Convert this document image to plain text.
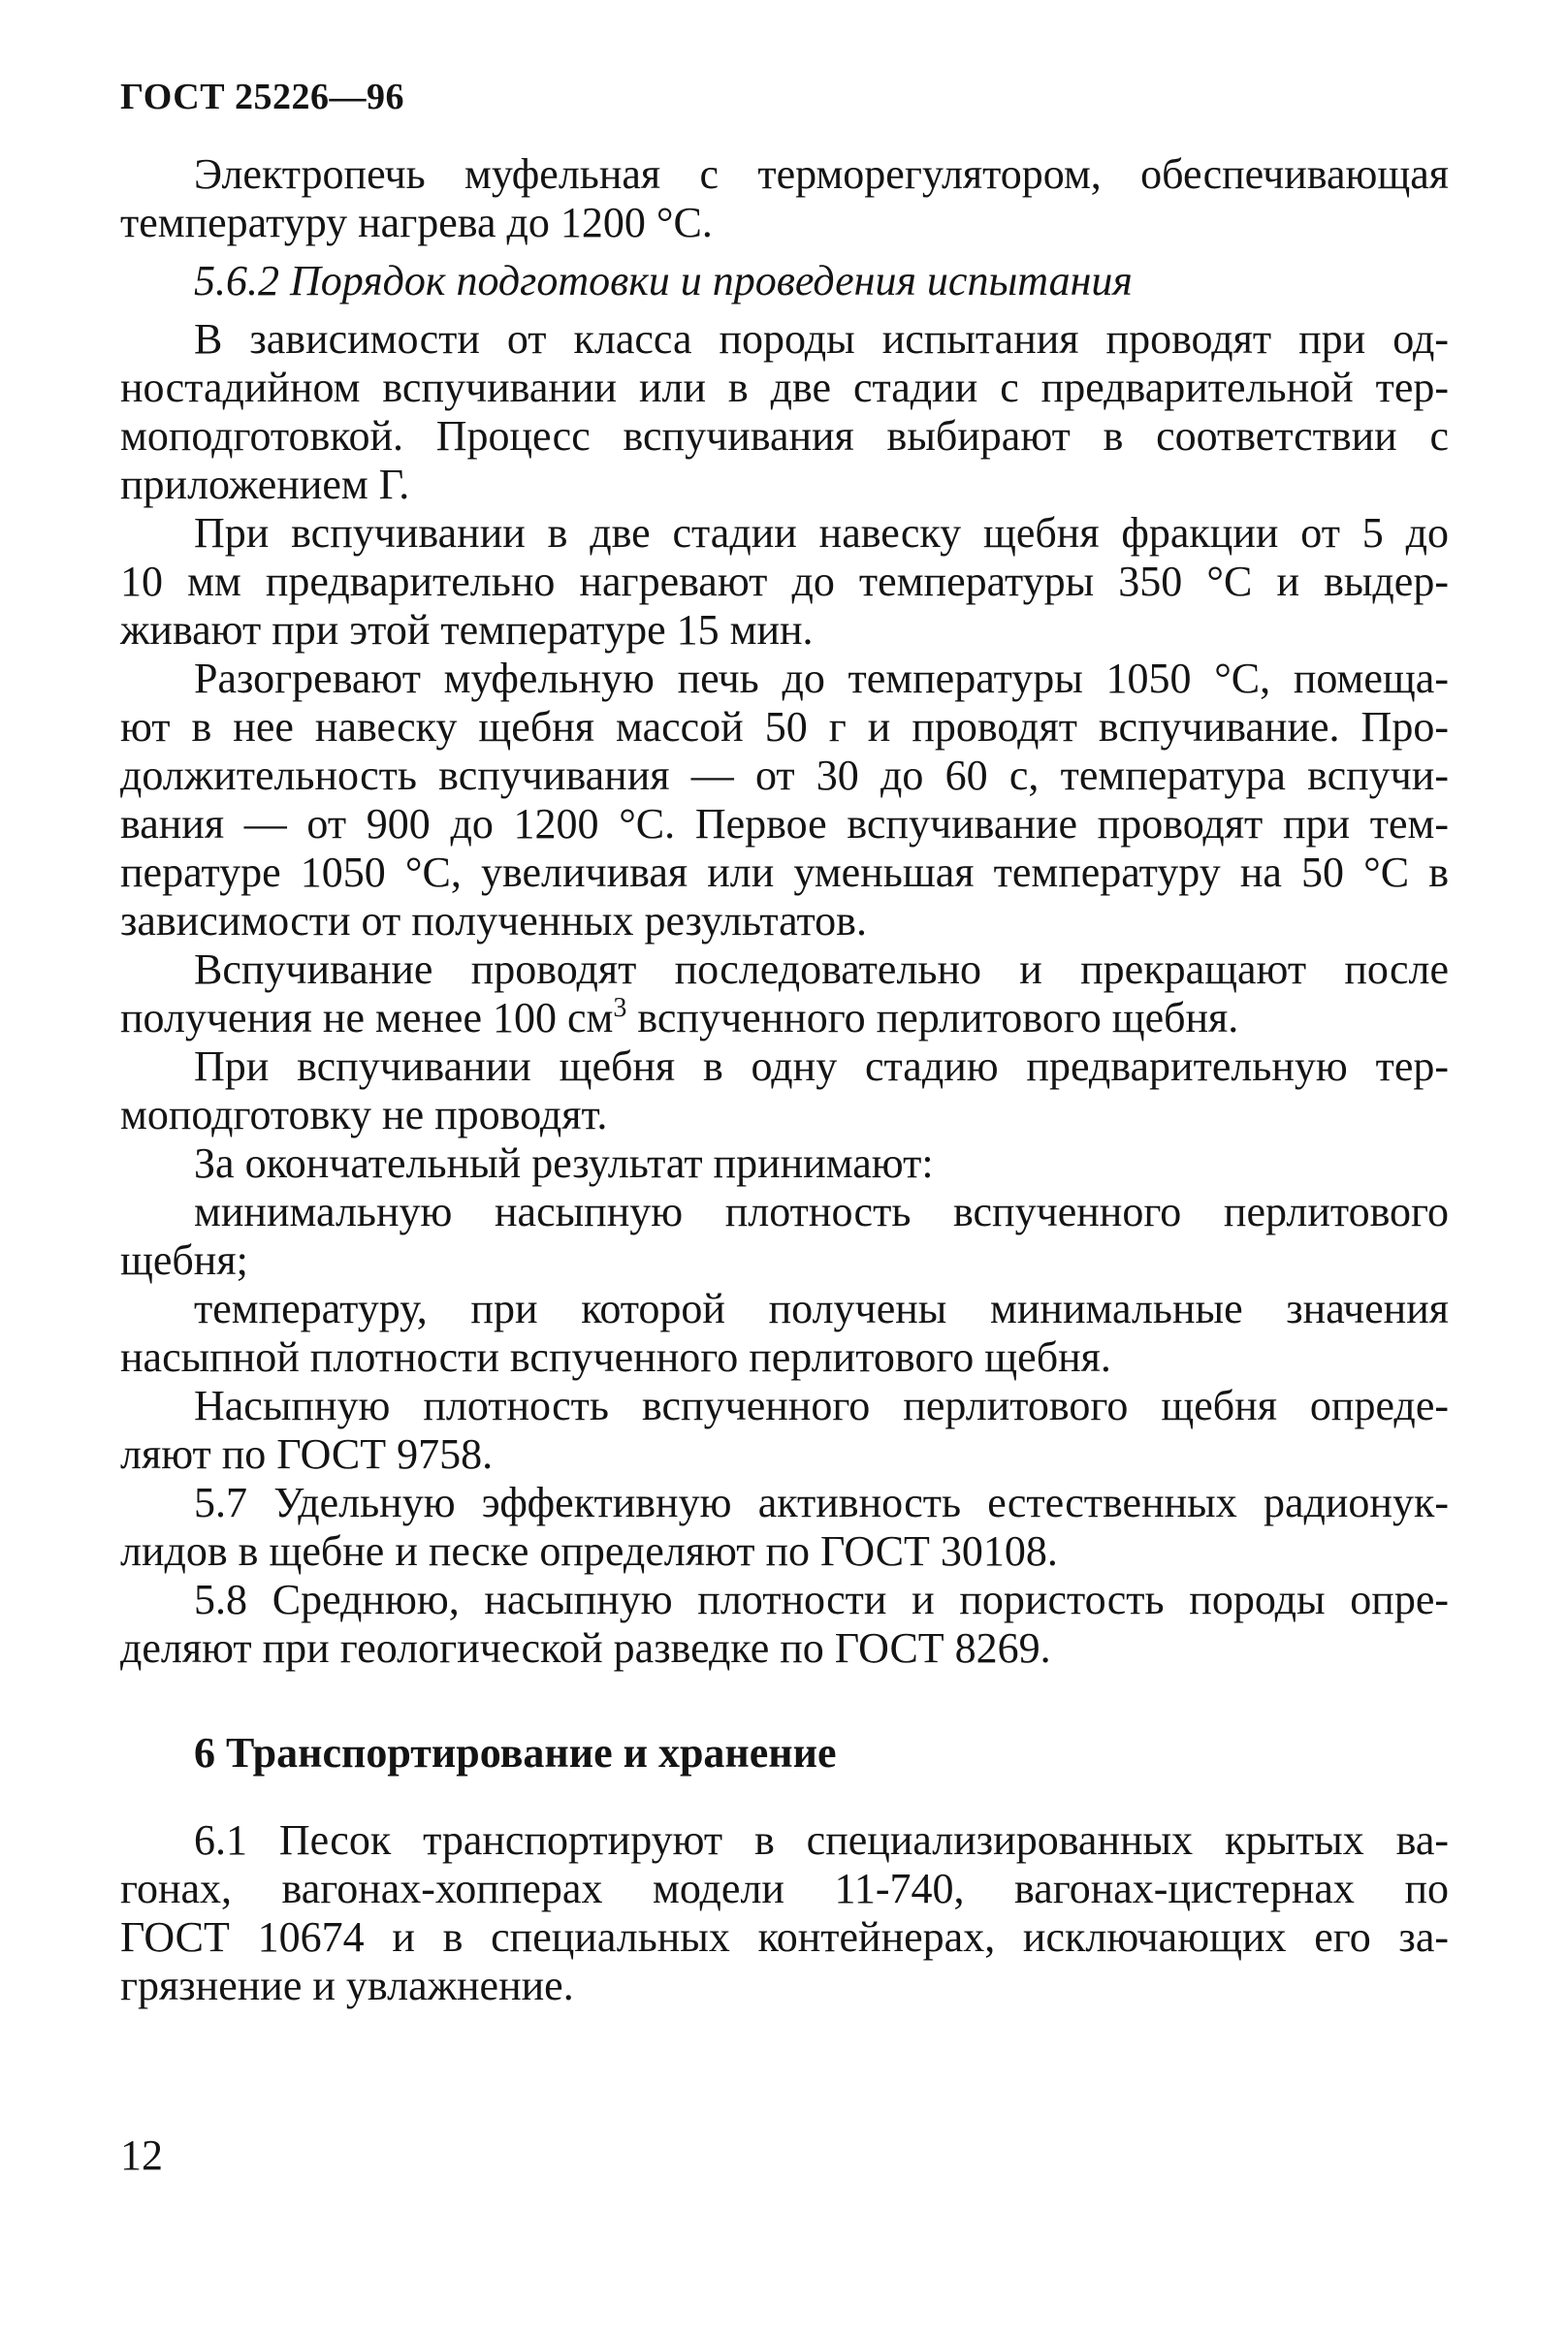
ГОСТ 25226—96
Электропечь муфельная с терморегулятором, обеспечивающая
температуру нагрева до 1200 °С.
5.6.2 Порядок подготовки и проведения испытания
В зависимости от класса породы испытания проводят при од-
ностадийном вспучивании или в две стадии с предварительной тер-
моподготовкой. Процесс вспучивания выбирают в соответствии с
приложением Г.
При вспучивании в две стадии навеску щебня фракции от 5 до
10 мм предварительно нагревают до температуры 350 °С и выдер-
живают при этой температуре 15 мин.
Разогревают муфельную печь до температуры 1050 °С, помеща-
ют в нее навеску щебня массой 50 г и проводят вспучивание. Про-
должительность вспучивания — от 30 до 60 с, температура вспучи-
вания — от 900 до 1200 °С. Первое вспучивание проводят при тем-
пературе 1050 °С, увеличивая или уменьшая температуру на 50 °С в
зависимости от полученных результатов.
Вспучивание проводят последовательно и прекращают после
получения не менее 100 $см^3$ вспученного перлитового щебня.
При вспучивании щебня в одну стадию предварительную тер-
моподготовку не проводят.
За окончательный результат принимают:
минимальную насыпную плотность вспученного перлитового
щебня;
температуру, при которой получены минимальные значения
насыпной плотности вспученного перлитового щебня.
Насыпную плотность вспученного перлитового щебня опреде-
ляют по ГОСТ 9758.
5.7 Удельную эффективную активность естественных радионук-
лидов в щебне и песке определяют по ГОСТ 30108.
5.8 Среднюю, насыпную плотности и пористость породы опре-
деляют при геологической разведке по ГОСТ 8269.
6 Транспортирование и хранение
6.1 Песок транспортируют в специализированных крытых ва-
гонах, вагонах-хопперах модели 11-740, вагонах-цистернах по
ГОСТ 10674 и в специальных контейнерах, исключающих его за-
грязнение и увлажнение.
12
